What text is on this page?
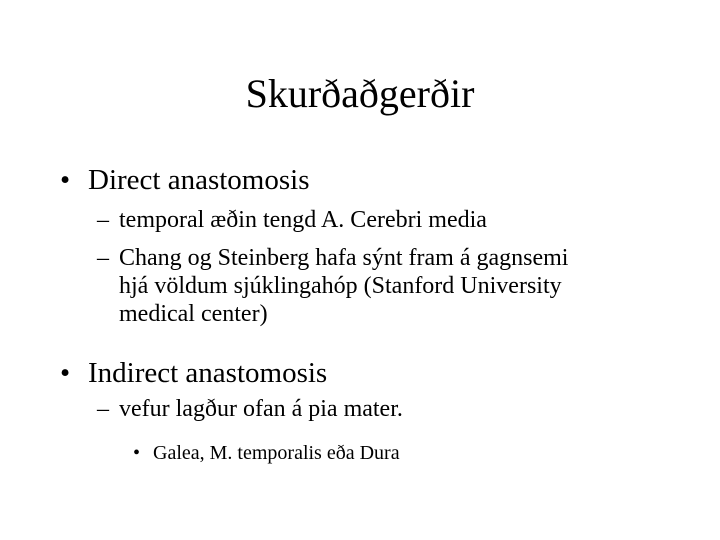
Skurðaðgerðir
• Direct anastomosis
– temporal æðin tengd A. Cerebri media
– Chang og Steinberg hafa sýnt fram á gagnsemi
hjá völdum sjúklingahóp (Stanford University
medical center)
• Indirect anastomosis
– vefur lagður ofan á pia mater.
• Galea, M. temporalis eða Dura
